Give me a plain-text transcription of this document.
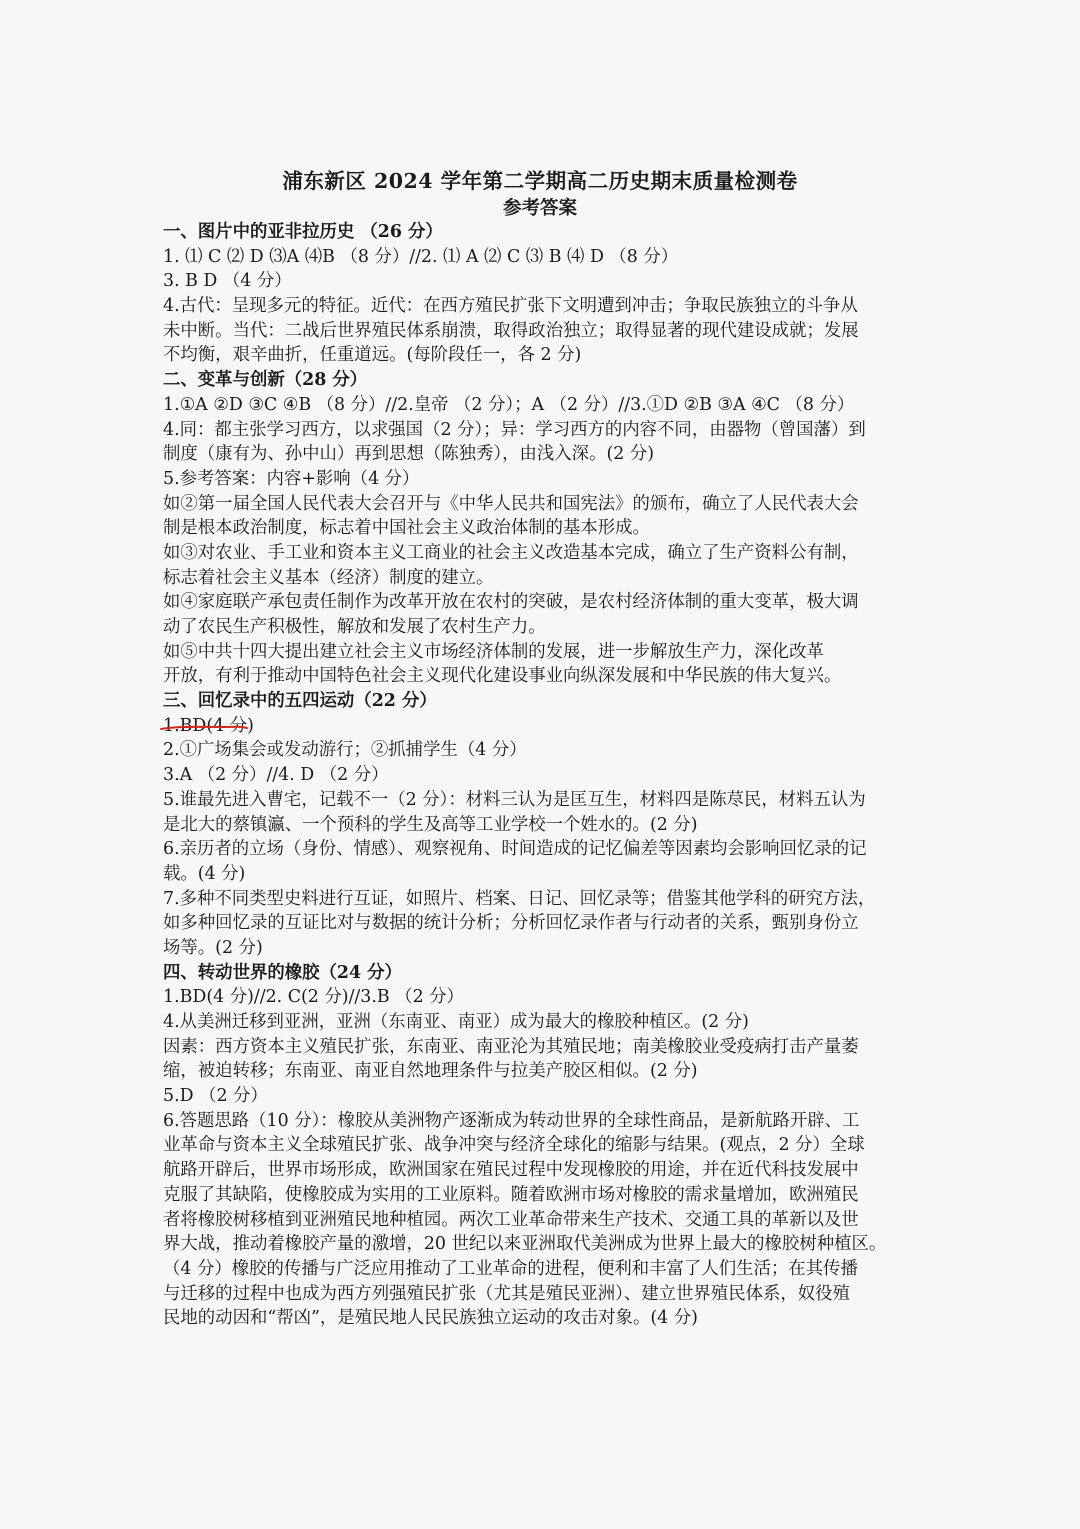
浦东新区 2024 学年第二学期高二历史期末质量检测卷
参考答案
一、图片中的亚非拉历史 （26 分）
1. ⑴ C ⑵ D ⑶A ⑷B （8 分）//2. ⑴ A ⑵ C ⑶ B ⑷ D （8 分）
3. B D （4 分）
4.古代：呈现多元的特征。近代：在西方殖民扩张下文明遭到冲击；争取民族独立的斗争从
未中断。当代：二战后世界殖民体系崩溃，取得政治独立；取得显著的现代建设成就；发展
不均衡，艰辛曲折，任重道远。(每阶段任一，各 2 分)
二、变革与创新（28 分）
1.①A ②D ③C ④B （8 分）//2.皇帝 （2 分）；A （2 分）//3.①D ②B ③A ④C （8 分）
4.同：都主张学习西方，以求强国（2 分）；异：学习西方的内容不同，由器物（曾国藩）到
制度（康有为、孙中山）再到思想（陈独秀），由浅入深。(2 分)
5.参考答案：内容+影响（4 分）
如②第一届全国人民代表大会召开与《中华人民共和国宪法》的颁布，确立了人民代表大会
制是根本政治制度，标志着中国社会主义政治体制的基本形成。
如③对农业、手工业和资本主义工商业的社会主义改造基本完成，确立了生产资料公有制，
标志着社会主义基本（经济）制度的建立。
如④家庭联产承包责任制作为改革开放在农村的突破，是农村经济体制的重大变革，极大调
动了农民生产积极性，解放和发展了农村生产力。
如⑤中共十四大提出建立社会主义市场经济体制的发展，进一步解放生产力，深化改革
开放，有利于推动中国特色社会主义现代化建设事业向纵深发展和中华民族的伟大复兴。
三、回忆录中的五四运动（22 分）
1.BD(4 分)
2.①广场集会或发动游行；②抓捕学生（4 分）
3.A （2 分）//4. D （2 分）
5.谁最先进入曹宅，记载不一（2 分）：材料三认为是匡互生，材料四是陈荩民，材料五认为
是北大的蔡镇瀛、一个预科的学生及高等工业学校一个姓水的。(2 分)
6.亲历者的立场（身份、情感）、观察视角、时间造成的记忆偏差等因素均会影响回忆录的记
载。(4 分)
7.多种不同类型史料进行互证，如照片、档案、日记、回忆录等；借鉴其他学科的研究方法，
如多种回忆录的互证比对与数据的统计分析；分析回忆录作者与行动者的关系，甄别身份立
场等。(2 分)
四、转动世界的橡胶（24 分）
1.BD(4 分)//2. C(2 分)//3.B （2 分）
4.从美洲迁移到亚洲，亚洲（东南亚、南亚）成为最大的橡胶种植区。(2 分)
因素：西方资本主义殖民扩张，东南亚、南亚沦为其殖民地；南美橡胶业受疫病打击产量萎
缩，被迫转移；东南亚、南亚自然地理条件与拉美产胶区相似。(2 分)
5.D （2 分）
6.答题思路（10 分）：橡胶从美洲物产逐渐成为转动世界的全球性商品，是新航路开辟、工
业革命与资本主义全球殖民扩张、战争冲突与经济全球化的缩影与结果。(观点，2 分）全球
航路开辟后，世界市场形成，欧洲国家在殖民过程中发现橡胶的用途，并在近代科技发展中
克服了其缺陷，使橡胶成为实用的工业原料。随着欧洲市场对橡胶的需求量增加，欧洲殖民
者将橡胶树移植到亚洲殖民地种植园。两次工业革命带来生产技术、交通工具的革新以及世
界大战，推动着橡胶产量的激增，20 世纪以来亚洲取代美洲成为世界上最大的橡胶树种植区。
（4 分）橡胶的传播与广泛应用推动了工业革命的进程，便利和丰富了人们生活；在其传播
与迁移的过程中也成为西方列强殖民扩张（尤其是殖民亚洲）、建立世界殖民体系，奴役殖
民地的动因和“帮凶”，是殖民地人民民族独立运动的攻击对象。(4 分)
